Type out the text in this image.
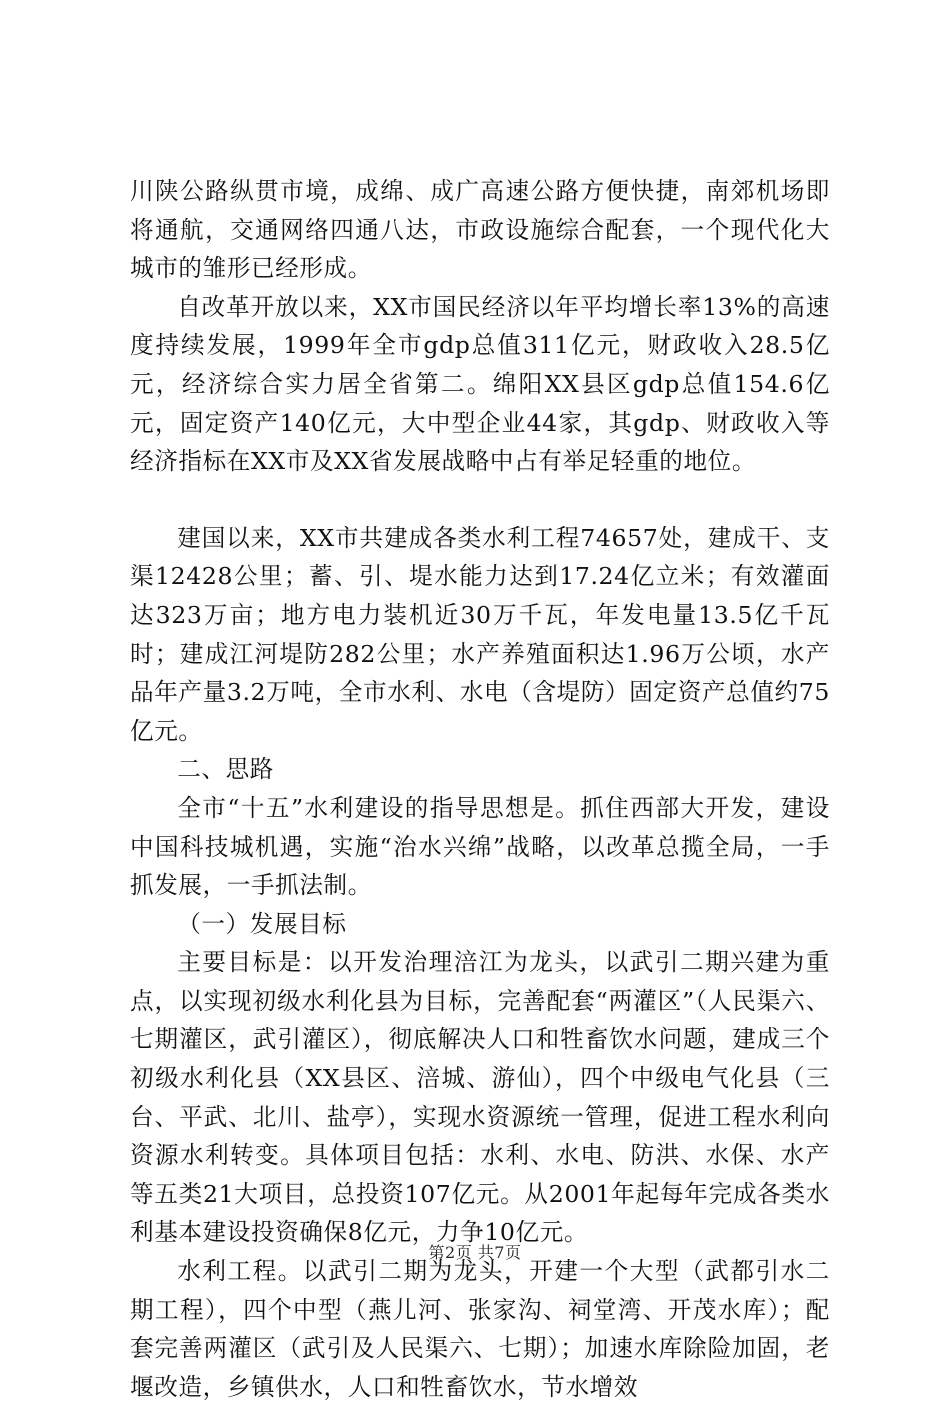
川陕公路纵贯市境，成绵、成广高速公路方便快捷，南郊机场即将通航，交通网络四通八达，市政设施综合配套，一个现代化大城市的雏形已经形成。

自改革开放以来，XX市国民经济以年平均增长率13%的高速度持续发展，1999年全市gdp总值311亿元，财政收入28.5亿元，经济综合实力居全省第二。绵阳XX县区gdp总值154.6亿元，固定资产140亿元，大中型企业44家，其gdp、财政收入等经济指标在XX市及XX省发展战略中占有举足轻重的地位。

建国以来，XX市共建成各类水利工程74657处，建成干、支渠12428公里；蓄、引、堤水能力达到17.24亿立米；有效灌面达323万亩；地方电力装机近30万千瓦，年发电量13.5亿千瓦时；建成江河堤防282公里；水产养殖面积达1.96万公顷，水产品年产量3.2万吨，全市水利、水电（含堤防）固定资产总值约75亿元。

二、思路

全市“十五”水利建设的指导思想是。抓住西部大开发，建设中国科技城机遇，实施“治水兴绵”战略，以改革总揽全局，一手抓发展，一手抓法制。

（一）发展目标

主要目标是：以开发治理涪江为龙头，以武引二期兴建为重点，以实现初级水利化县为目标，完善配套“两灌区”（人民渠六、七期灌区，武引灌区），彻底解决人口和牲畜饮水问题，建成三个初级水利化县（XX县区、涪城、游仙），四个中级电气化县（三台、平武、北川、盐亭），实现水资源统一管理，促进工程水利向资源水利转变。具体项目包括：水利、水电、防洪、水保、水产等五类21大项目，总投资107亿元。从2001年起每年完成各类水利基本建设投资确保8亿元，力争10亿元。

水利工程。以武引二期为龙头，开建一个大型（武都引水二期工程），四个中型（燕儿河、张家沟、祠堂湾、开茂水库）；配套完善两灌区（武引及人民渠六、七期）；加速水库除险加固，老堰改造，乡镇供水，人口和牲畜饮水，节水增效

第2页 共7页
